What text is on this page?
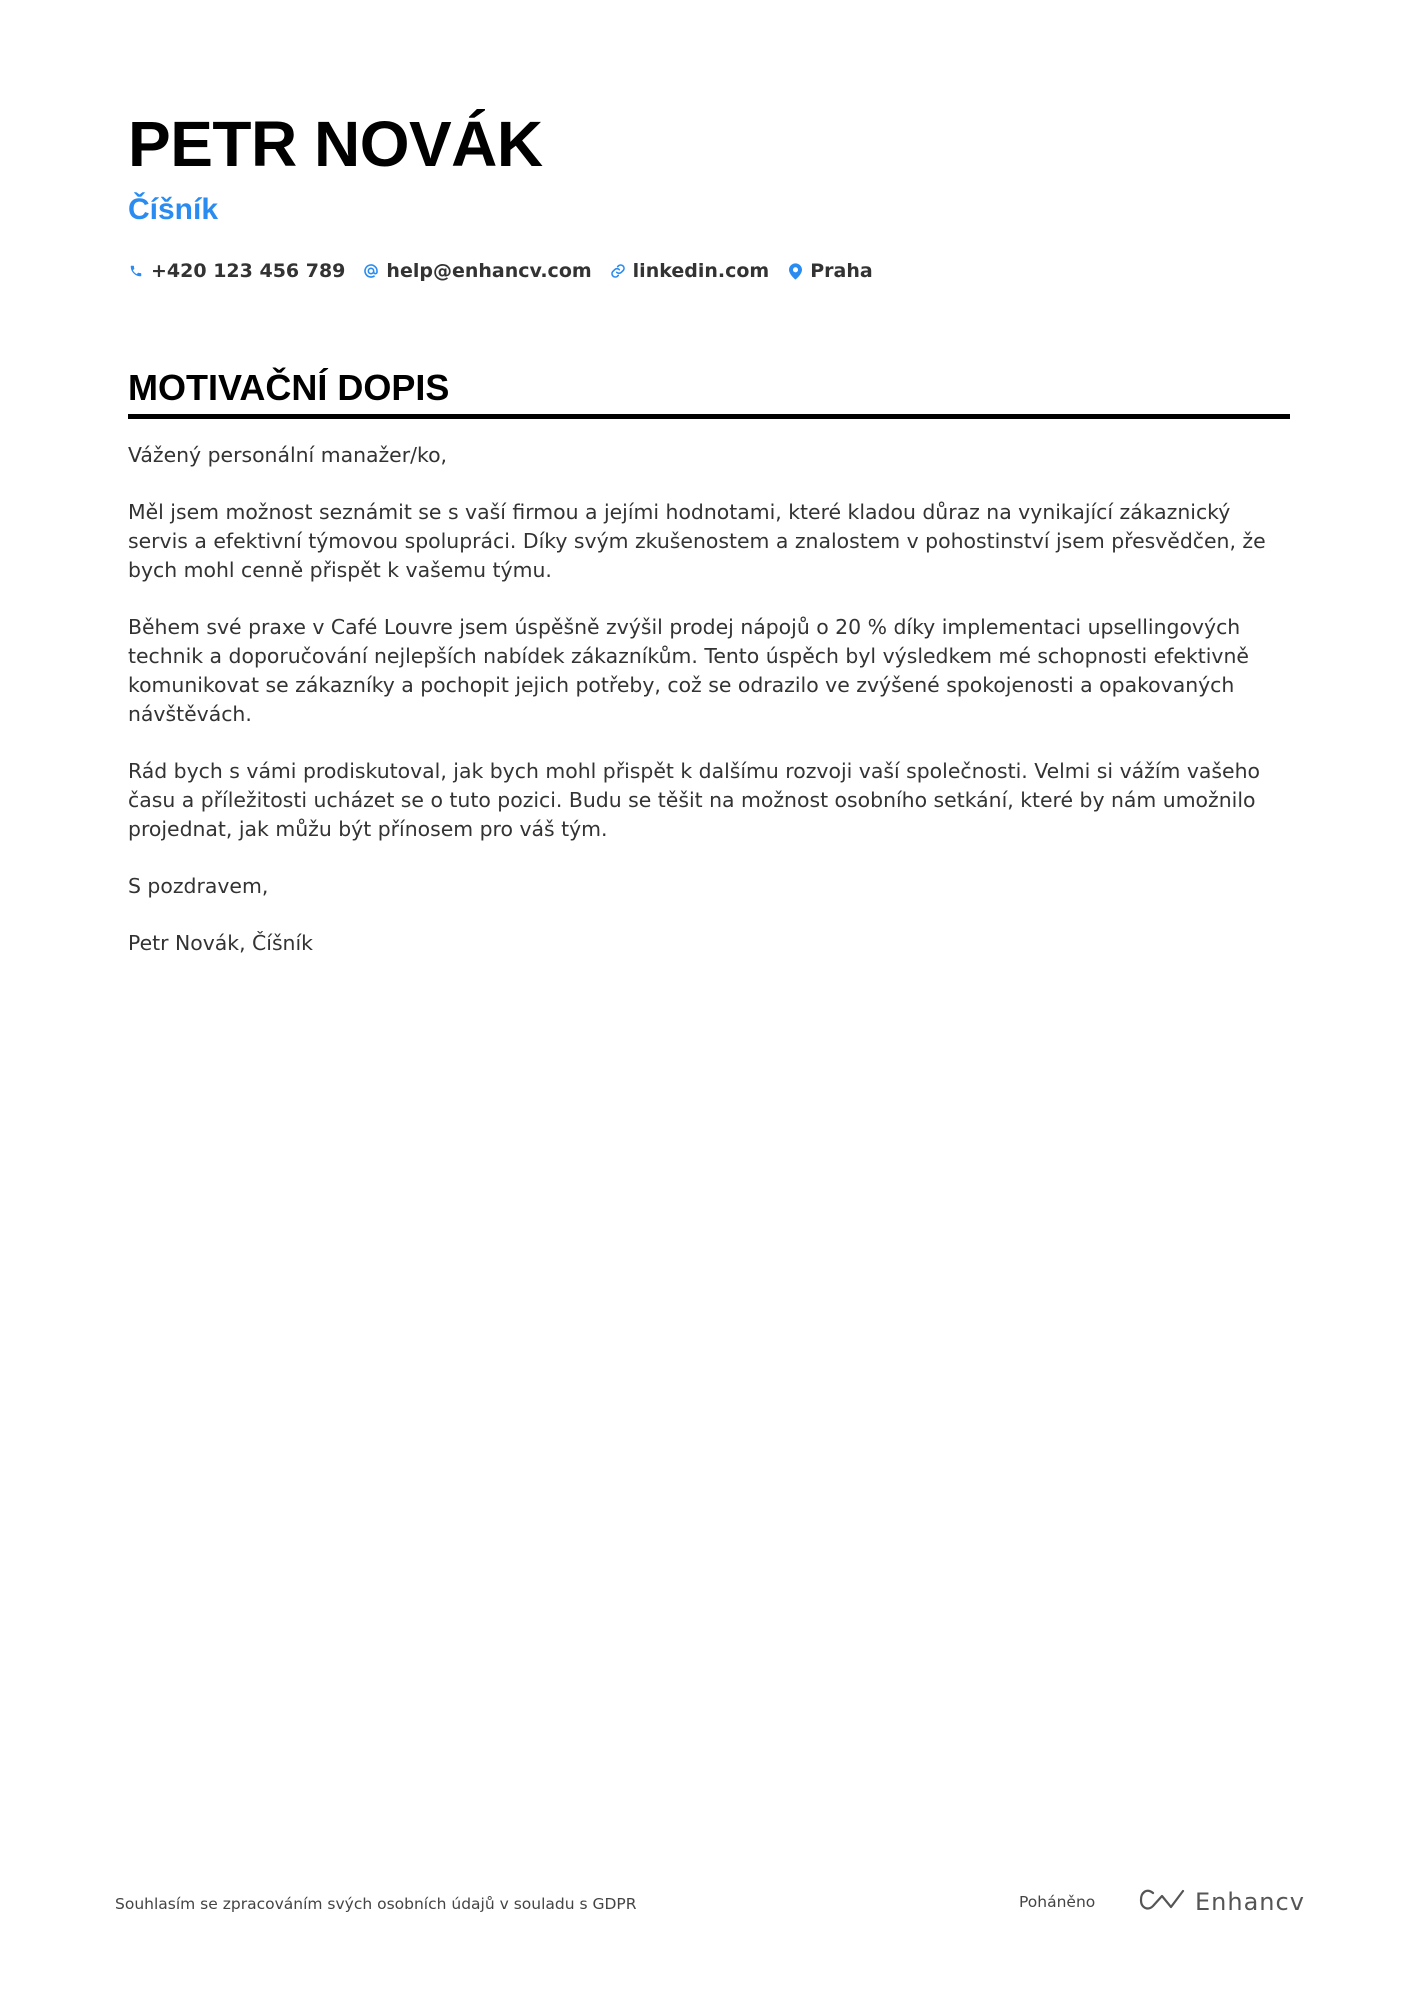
PETR NOVÁK
Číšník
+420 123 456 789 help@enhancv.com linkedin.com Praha
MOTIVAČNÍ DOPIS

Vážený personální manažer/ko,

Měl jsem možnost seznámit se s vaší firmou a jejími hodnotami, které kladou důraz na vynikající zákaznický servis a efektivní týmovou spolupráci. Díky svým zkušenostem a znalostem v pohostinství jsem přesvědčen, že bych mohl cenně přispět k vašemu týmu.

Během své praxe v Café Louvre jsem úspěšně zvýšil prodej nápojů o 20 % díky implementaci upsellingových technik a doporučování nejlepších nabídek zákazníkům. Tento úspěch byl výsledkem mé schopnosti efektivně komunikovat se zákazníky a pochopit jejich potřeby, což se odrazilo ve zvýšené spokojenosti a opakovaných návštěvách.

Rád bych s vámi prodiskutoval, jak bych mohl přispět k dalšímu rozvoji vaší společnosti. Velmi si vážím vašeho času a příležitosti ucházet se o tuto pozici. Budu se těšit na možnost osobního setkání, které by nám umožnilo projednat, jak můžu být přínosem pro váš tým.

S pozdravem,

Petr Novák, Číšník

Souhlasím se zpracováním svých osobních údajů v souladu s GDPR	Poháněno	Enhancv
